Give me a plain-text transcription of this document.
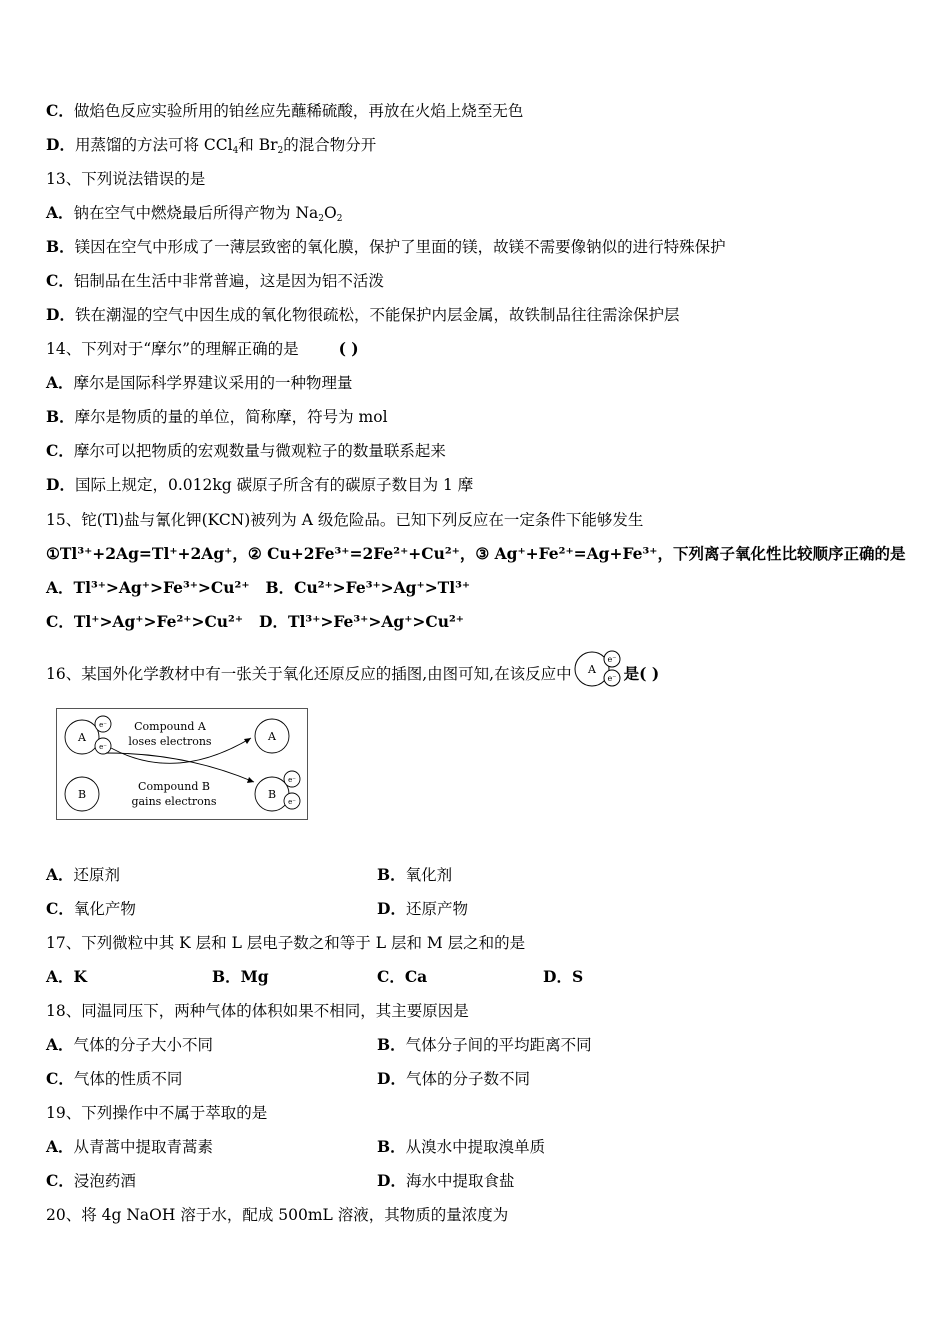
C．做焰色反应实验所用的铂丝应先蘸稀硫酸，再放在火焰上烧至无色
D．用蒸馏的方法可将 CCl$_4$和 $Br_2$的混合物分开
13、下列说法错误的是
A．钠在空气中燃烧最后所得产物为 $Na_2O_2$
B．镁因在空气中形成了一薄层致密的氧化膜，保护了里面的镁，故镁不需要像钠似的进行特殊保护
C．铝制品在生活中非常普遍，这是因为铝不活泼
D．铁在潮湿的空气中因生成的氧化物很疏松，不能保护内层金属，故铁制品往往需涂保护层
14、下列对于“摩尔”的理解正确的是	( )
A．摩尔是国际科学界建议采用的一种物理量
B．摩尔是物质的量的单位，简称摩，符号为 mol
C．摩尔可以把物质的宏观数量与微观粒子的数量联系起来
D．国际上规定，0.012kg 碳原子所含有的碳原子数目为 1 摩
15、铊(Tl)盐与氰化钾(KCN)被列为 A 级危险品。已知下列反应在一定条件下能够发生
①Tl³⁺+2Ag=Tl⁺+2Ag⁺，② Cu+2Fe³⁺=2Fe²⁺+Cu²⁺，③ Ag⁺+Fe²⁺=Ag+Fe³⁺，下列离子氧化性比较顺序正确的是
A．Tl³⁺>Ag⁺>Fe³⁺>Cu²⁺ B．Cu²⁺>Fe³⁺>Ag⁺>Tl³⁺
C．Tl⁺>Ag⁺>Fe²⁺>Cu²⁺ D．Tl³⁺>Fe³⁺>Ag⁺>Cu²⁺
16、某国外化学教材中有一张关于氧化还原反应的插图,由图可知,在该反应中 A
e⁻
e⁻ 是( )
A
e⁻
e⁻
Compound A
loses electrons	A
B
Compound B
gains electrons
B
e⁻
e⁻
A．还原剂	B．氧化剂
C．氧化产物	D．还原产物
17、下列微粒中其 K 层和 L 层电子数之和等于 L 层和 M 层之和的是
A．K	B．Mg	C．Ca	D．S
18、同温同压下，两种气体的体积如果不相同，其主要原因是
A．气体的分子大小不同	B．气体分子间的平均距离不同
C．气体的性质不同	D．气体的分子数不同
19、下列操作中不属于萃取的是
A．从青蒿中提取青蒿素	B．从溴水中提取溴单质
C．浸泡药酒	D．海水中提取食盐
20、将 4g NaOH 溶于水，配成 500mL 溶液，其物质的量浓度为
